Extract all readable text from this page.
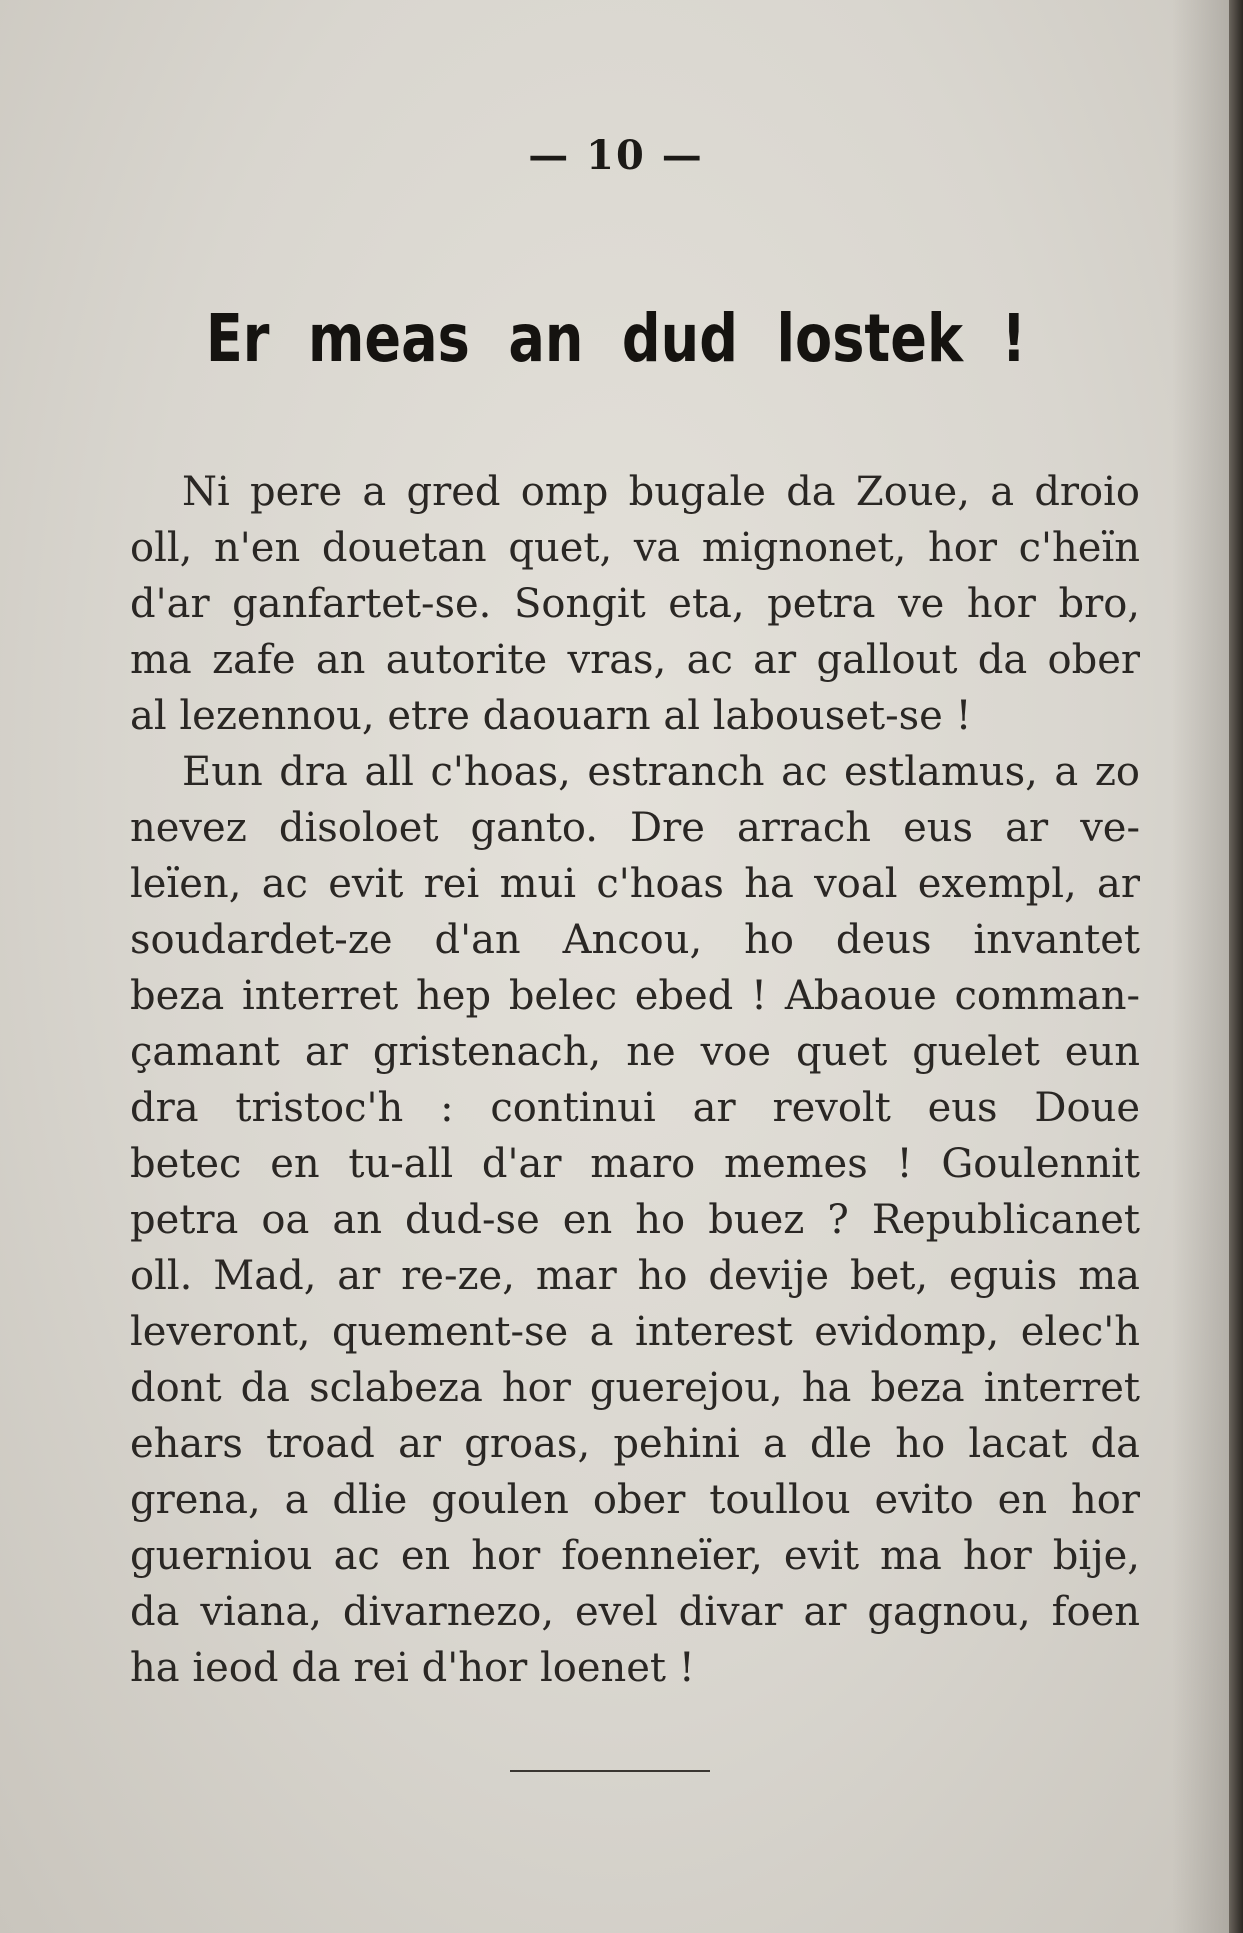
— 10 —
Er meas an dud lostek !
Ni pere a gred omp bugale da Zoue, a droio
oll, n'en douetan quet, va mignonet, hor c'heïn
d'ar ganfartet-se. Songit eta, petra ve hor bro,
ma zafe an autorite vras, ac ar gallout da ober
al lezennou, etre daouarn al labouset-se !
Eun dra all c'hoas, estranch ac estlamus, a zo
nevez disoloet ganto. Dre arrach eus ar ve-
leïen, ac evit rei mui c'hoas ha voal exempl, ar
soudardet-ze d'an Ancou, ho deus invantet
beza interret hep belec ebed ! Abaoue comman-
çamant ar gristenach, ne voe quet guelet eun
dra tristoc'h : continui ar revolt eus Doue
betec en tu-all d'ar maro memes ! Goulennit
petra oa an dud-se en ho buez ? Republicanet
oll. Mad, ar re-ze, mar ho devije bet, eguis ma
leveront, quement-se a interest evidomp, elec'h
dont da sclabeza hor guerejou, ha beza interret
ehars troad ar groas, pehini a dle ho lacat da
grena, a dlie goulen ober toullou evito en hor
guerniou ac en hor foenneïer, evit ma hor bije,
da viana, divarnezo, evel divar ar gagnou, foen
ha ieod da rei d'hor loenet !
